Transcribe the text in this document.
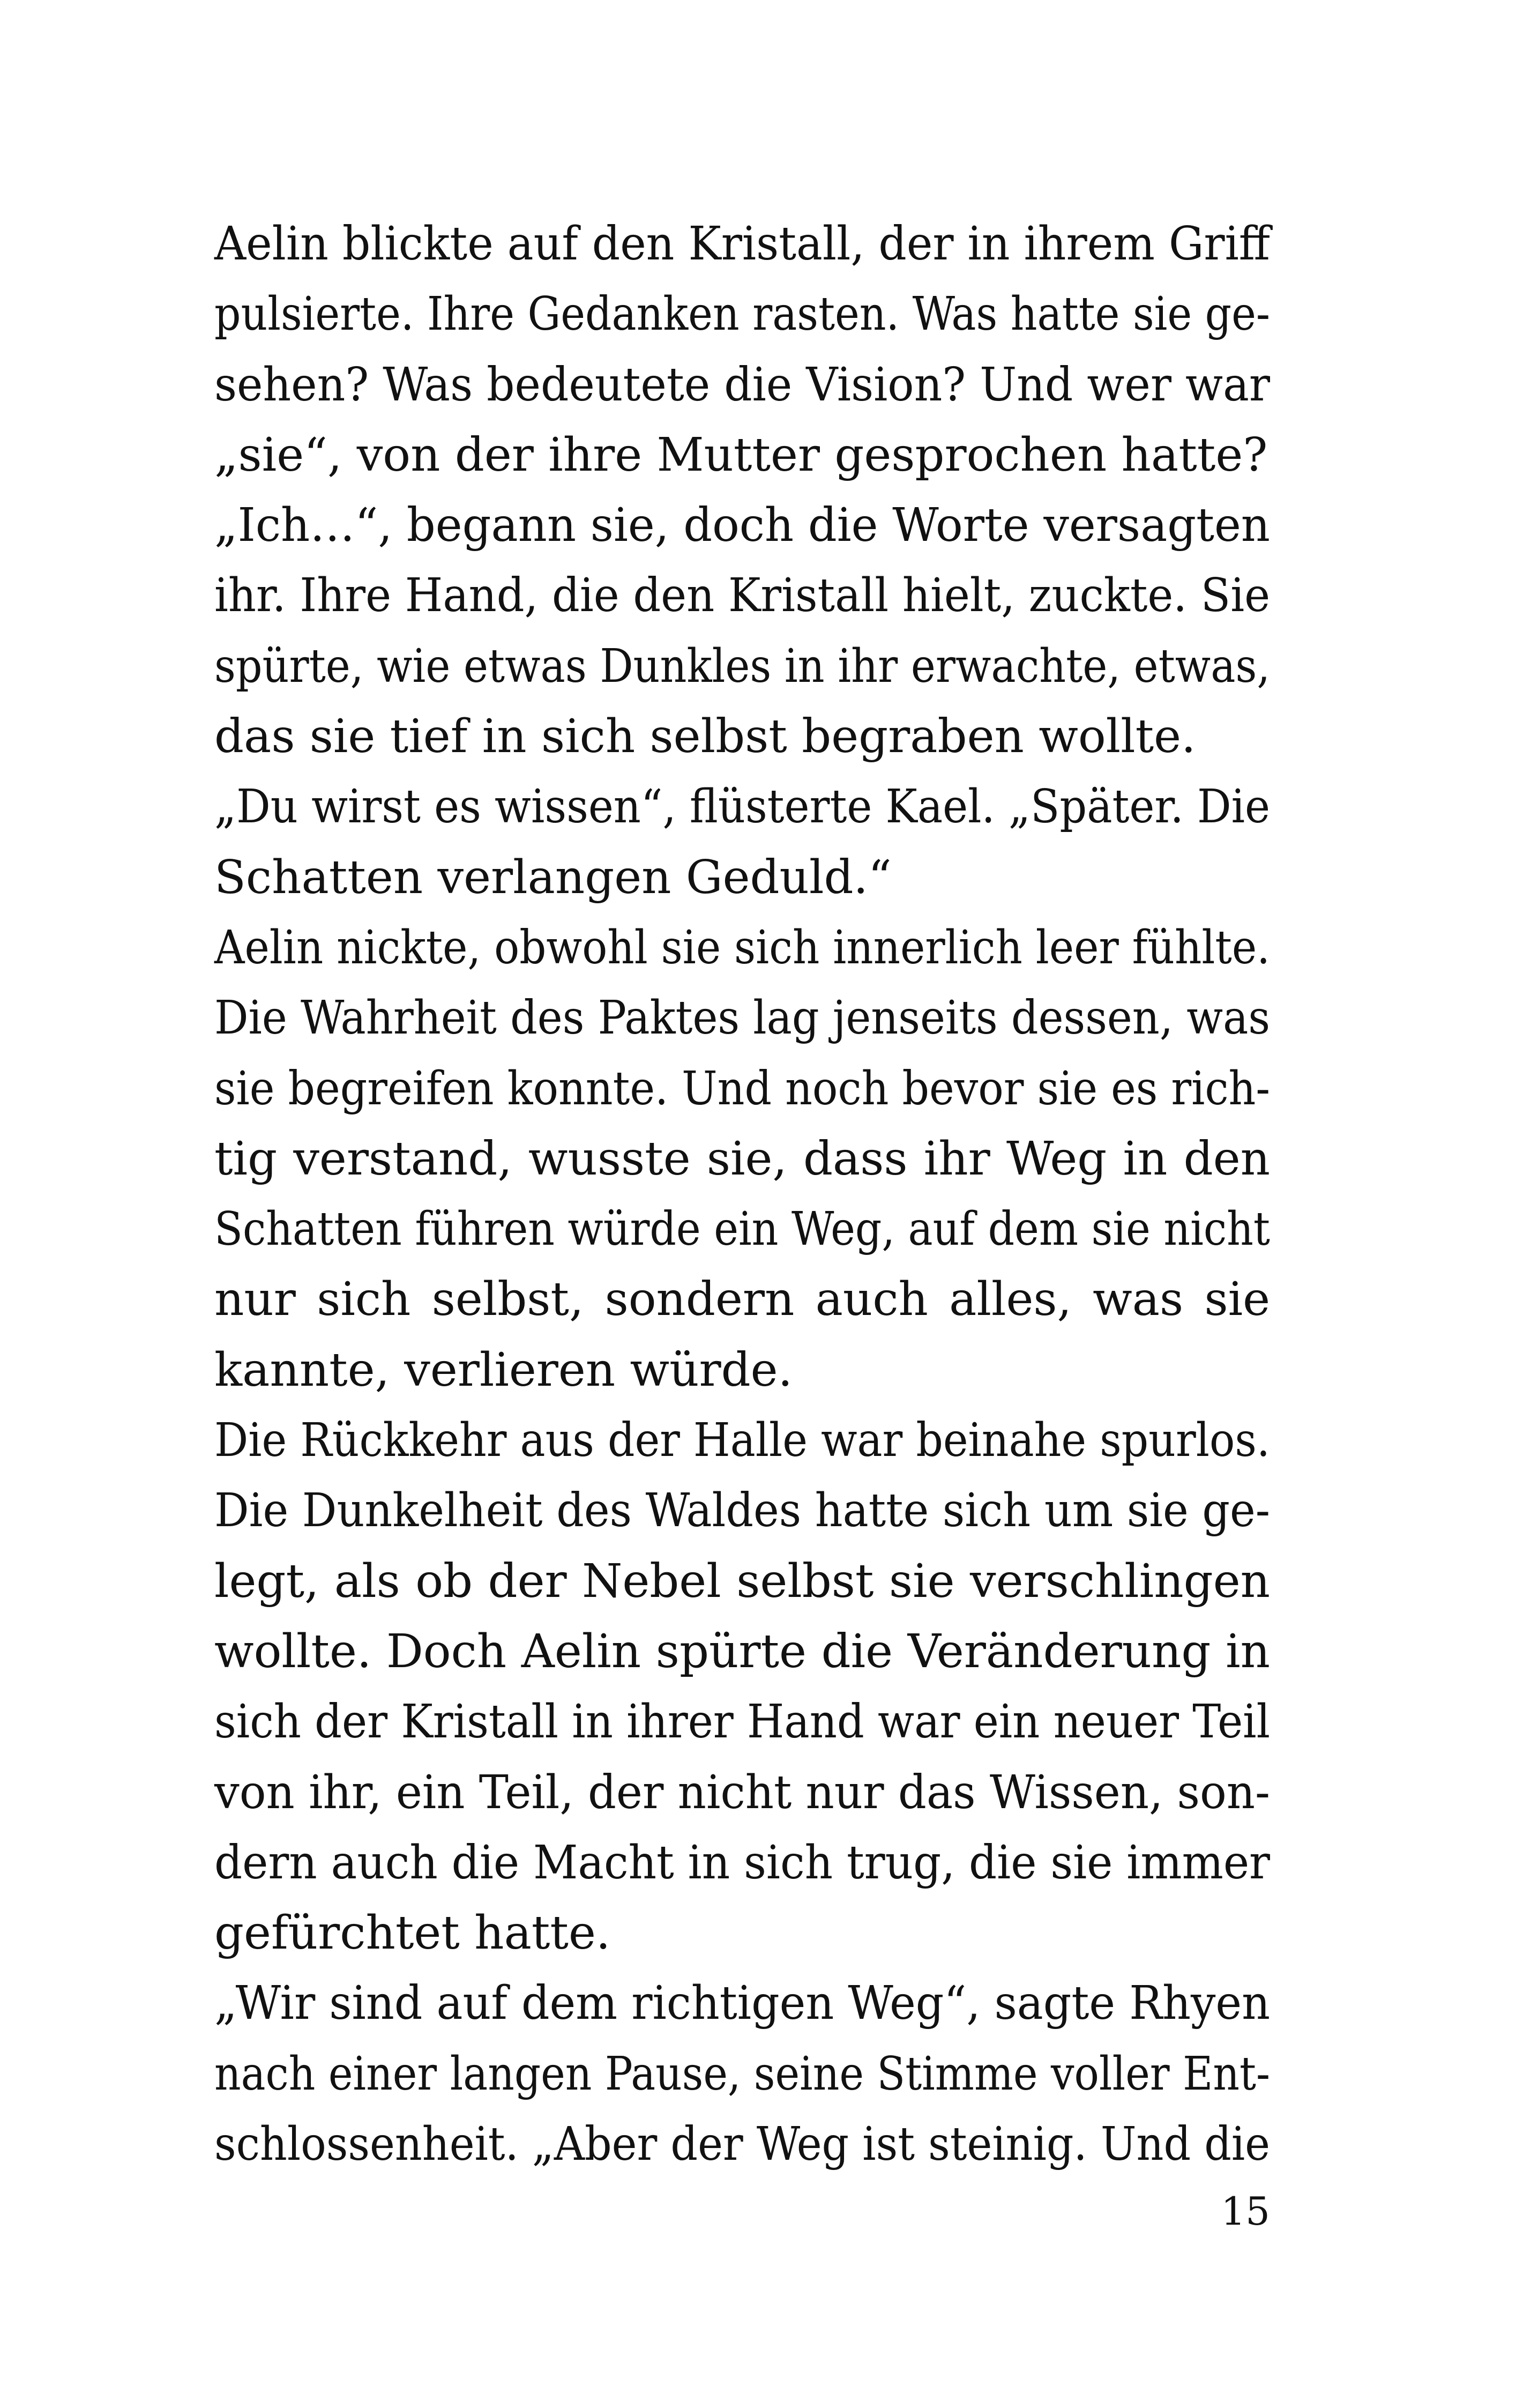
Aelin blickte auf den Kristall, der in ihrem Griff
pulsierte. Ihre Gedanken rasten. Was hatte sie ge-
sehen? Was bedeutete die Vision? Und wer war
„sie“, von der ihre Mutter gesprochen hatte?
„Ich…“, begann sie, doch die Worte versagten
ihr. Ihre Hand, die den Kristall hielt, zuckte. Sie
spürte, wie etwas Dunkles in ihr erwachte, etwas,
das sie tief in sich selbst begraben wollte.
„Du wirst es wissen“, flüsterte Kael. „Später. Die
Schatten verlangen Geduld.“
Aelin nickte, obwohl sie sich innerlich leer fühlte.
Die Wahrheit des Paktes lag jenseits dessen, was
sie begreifen konnte. Und noch bevor sie es rich-
tig verstand, wusste sie, dass ihr Weg in den
Schatten führen würde ein Weg, auf dem sie nicht
nur sich selbst, sondern auch alles, was sie
kannte, verlieren würde.
Die Rückkehr aus der Halle war beinahe spurlos.
Die Dunkelheit des Waldes hatte sich um sie ge-
legt, als ob der Nebel selbst sie verschlingen
wollte. Doch Aelin spürte die Veränderung in
sich der Kristall in ihrer Hand war ein neuer Teil
von ihr, ein Teil, der nicht nur das Wissen, son-
dern auch die Macht in sich trug, die sie immer
gefürchtet hatte.
„Wir sind auf dem richtigen Weg“, sagte Rhyen
nach einer langen Pause, seine Stimme voller Ent-
schlossenheit. „Aber der Weg ist steinig. Und die
15
